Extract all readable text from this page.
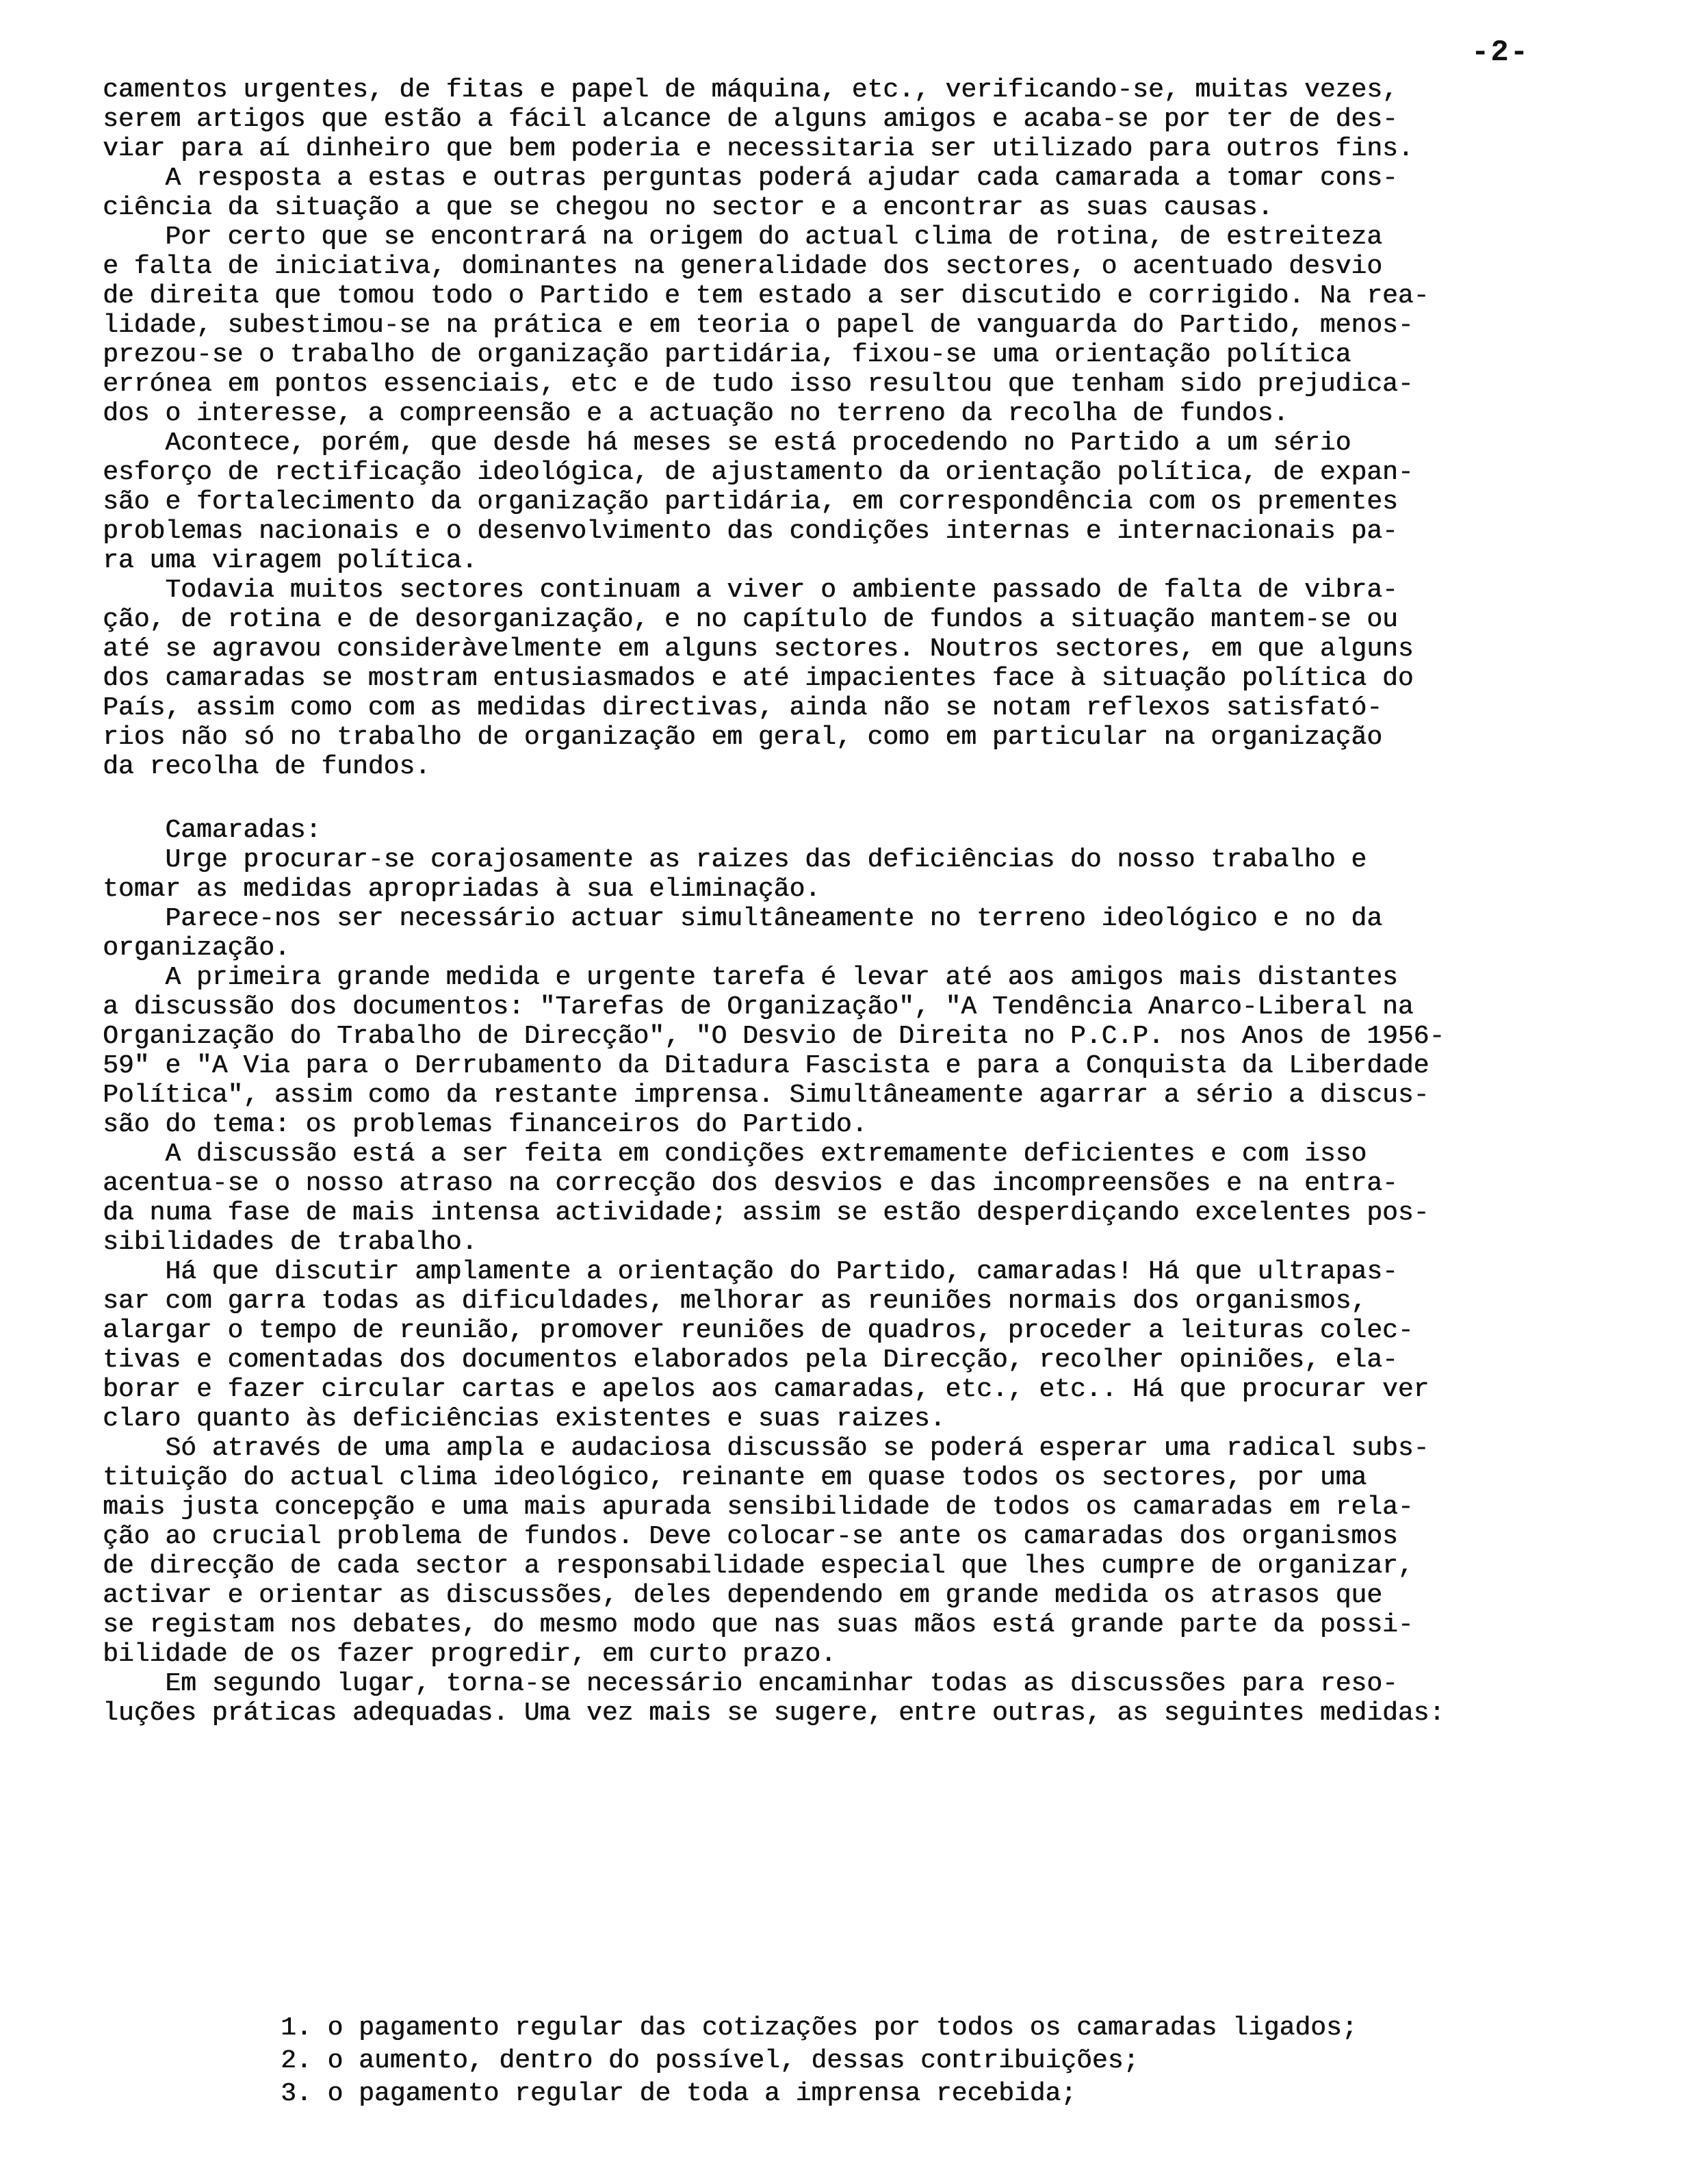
-2-
camentos urgentes, de fitas e papel de máquina, etc., verificando-se, muitas vezes,
serem artigos que estão a fácil alcance de alguns amigos e acaba-se por ter de des-
viar para aí dinheiro que bem poderia e necessitaria ser utilizado para outros fins.
A resposta a estas e outras perguntas poderá ajudar cada camarada a tomar cons-
ciência da situação a que se chegou no sector e a encontrar as suas causas.
Por certo que se encontrará na origem do actual clima de rotina, de estreiteza
e falta de iniciativa, dominantes na generalidade dos sectores, o acentuado desvio
de direita que tomou todo o Partido e tem estado a ser discutido e corrigido. Na rea-
lidade, subestimou-se na prática e em teoria o papel de vanguarda do Partido, menos-
prezou-se o trabalho de organização partidária, fixou-se uma orientação política
errónea em pontos essenciais, etc e de tudo isso resultou que tenham sido prejudica-
dos o interesse, a compreensão e a actuação no terreno da recolha de fundos.
Acontece, porém, que desde há meses se está procedendo no Partido a um sério
esforço de rectificação ideológica, de ajustamento da orientação política, de expan-
são e fortalecimento da organização partidária, em correspondência com os prementes
problemas nacionais e o desenvolvimento das condições internas e internacionais pa-
ra uma viragem política.
Todavia muitos sectores continuam a viver o ambiente passado de falta de vibra-
ção, de rotina e de desorganização, e no capítulo de fundos a situação mantem-se ou
até se agravou consideràvelmente em alguns sectores. Noutros sectores, em que alguns
dos camaradas se mostram entusiasmados e até impacientes face à situação política do
País, assim como com as medidas directivas, ainda não se notam reflexos satisfató-
rios não só no trabalho de organização em geral, como em particular na organização
da recolha de fundos.
Camaradas:
Urge procurar-se corajosamente as raizes das deficiências do nosso trabalho e
tomar as medidas apropriadas à sua eliminação.
Parece-nos ser necessário actuar simultâneamente no terreno ideológico e no da
organização.
A primeira grande medida e urgente tarefa é levar até aos amigos mais distantes
a discussão dos documentos: "Tarefas de Organização", "A Tendência Anarco-Liberal na
Organização do Trabalho de Direcção", "O Desvio de Direita no P.C.P. nos Anos de 1956-
59" e "A Via para o Derrubamento da Ditadura Fascista e para a Conquista da Liberdade
Política", assim como da restante imprensa. Simultâneamente agarrar a sério a discus-
são do tema: os problemas financeiros do Partido.
A discussão está a ser feita em condições extremamente deficientes e com isso
acentua-se o nosso atraso na correcção dos desvios e das incompreensões e na entra-
da numa fase de mais intensa actividade; assim se estão desperdiçando excelentes pos-
sibilidades de trabalho.
Há que discutir amplamente a orientação do Partido, camaradas! Há que ultrapas-
sar com garra todas as dificuldades, melhorar as reuniões normais dos organismos,
alargar o tempo de reunião, promover reuniões de quadros, proceder a leituras colec-
tivas e comentadas dos documentos elaborados pela Direcção, recolher opiniões, ela-
borar e fazer circular cartas e apelos aos camaradas, etc., etc.. Há que procurar ver
claro quanto às deficiências existentes e suas raizes.
Só através de uma ampla e audaciosa discussão se poderá esperar uma radical subs-
tituição do actual clima ideológico, reinante em quase todos os sectores, por uma
mais justa concepção e uma mais apurada sensibilidade de todos os camaradas em rela-
ção ao crucial problema de fundos. Deve colocar-se ante os camaradas dos organismos
de direcção de cada sector a responsabilidade especial que lhes cumpre de organizar,
activar e orientar as discussões, deles dependendo em grande medida os atrasos que
se registam nos debates, do mesmo modo que nas suas mãos está grande parte da possi-
bilidade de os fazer progredir, em curto prazo.
Em segundo lugar, torna-se necessário encaminhar todas as discussões para reso-
luções práticas adequadas. Uma vez mais se sugere, entre outras, as seguintes medidas:
1. o pagamento regular das cotizações por todos os camaradas ligados;
2. o aumento, dentro do possível, dessas contribuições;
3. o pagamento regular de toda a imprensa recebida;
